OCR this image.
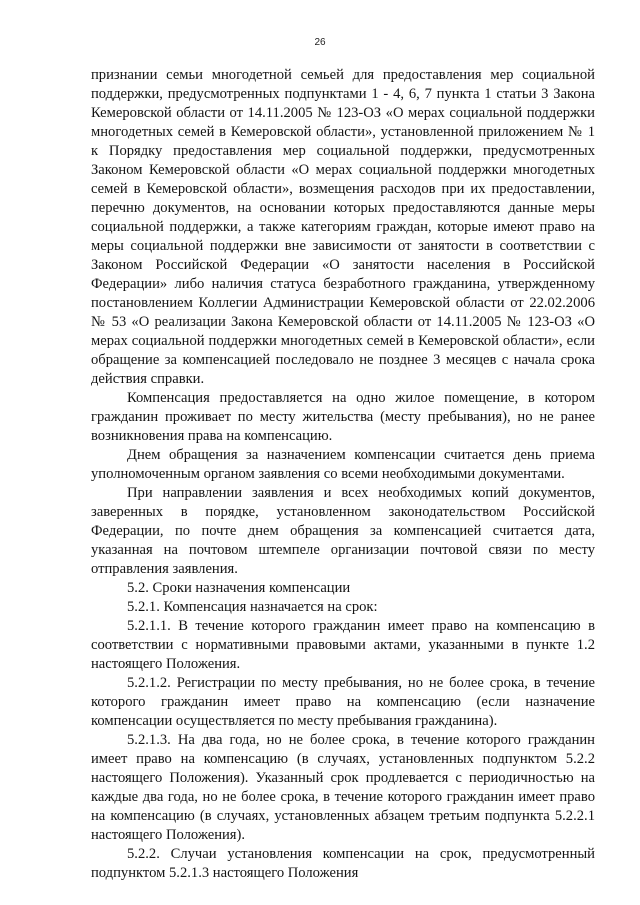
26

признании семьи многодетной семьей для предоставления мер социальной поддержки, предусмотренных подпунктами 1 - 4, 6, 7 пункта 1 статьи 3 Закона Кемеровской области от 14.11.2005 № 123-ОЗ «О мерах социальной поддержки многодетных семей в Кемеровской области», установленной приложением № 1 к Порядку предоставления мер социальной поддержки, предусмотренных Законом Кемеровской области «О мерах социальной поддержки многодетных семей в Кемеровской области», возмещения расходов при их предоставлении, перечню документов, на основании которых предоставляются данные меры социальной поддержки, а также категориям граждан, которые имеют право на меры социальной поддержки вне зависимости от занятости в соответствии с Законом Российской Федерации «О занятости населения в Российской Федерации» либо наличия статуса безработного гражданина, утвержденному постановлением Коллегии Администрации Кемеровской области от 22.02.2006 № 53 «О реализации Закона Кемеровской области от 14.11.2005 № 123-ОЗ «О мерах социальной поддержки многодетных семей в Кемеровской области», если обращение за компенсацией последовало не позднее 3 месяцев с начала срока действия справки.

Компенсация предоставляется на одно жилое помещение, в котором гражданин проживает по месту жительства (месту пребывания), но не ранее возникновения права на компенсацию.

Днем обращения за назначением компенсации считается день приема уполномоченным органом заявления со всеми необходимыми документами.

При направлении заявления и всех необходимых копий документов, заверенных в порядке, установленном законодательством Российской Федерации, по почте днем обращения за компенсацией считается дата, указанная на почтовом штемпеле организации почтовой связи по месту отправления заявления.

5.2. Сроки назначения компенсации

5.2.1. Компенсация назначается на срок:

5.2.1.1. В течение которого гражданин имеет право на компенсацию в соответствии с нормативными правовыми актами, указанными в пункте 1.2 настоящего Положения.

5.2.1.2. Регистрации по месту пребывания, но не более срока, в течение которого гражданин имеет право на компенсацию (если назначение компенсации осуществляется по месту пребывания гражданина).

5.2.1.3. На два года, но не более срока, в течение которого гражданин имеет право на компенсацию (в случаях, установленных подпунктом 5.2.2 настоящего Положения). Указанный срок продлевается с периодичностью на каждые два года, но не более срока, в течение которого гражданин имеет право на компенсацию (в случаях, установленных абзацем третьим подпункта 5.2.2.1 настоящего Положения).

5.2.2. Случаи установления компенсации на срок, предусмотренный подпунктом 5.2.1.3 настоящего Положения
